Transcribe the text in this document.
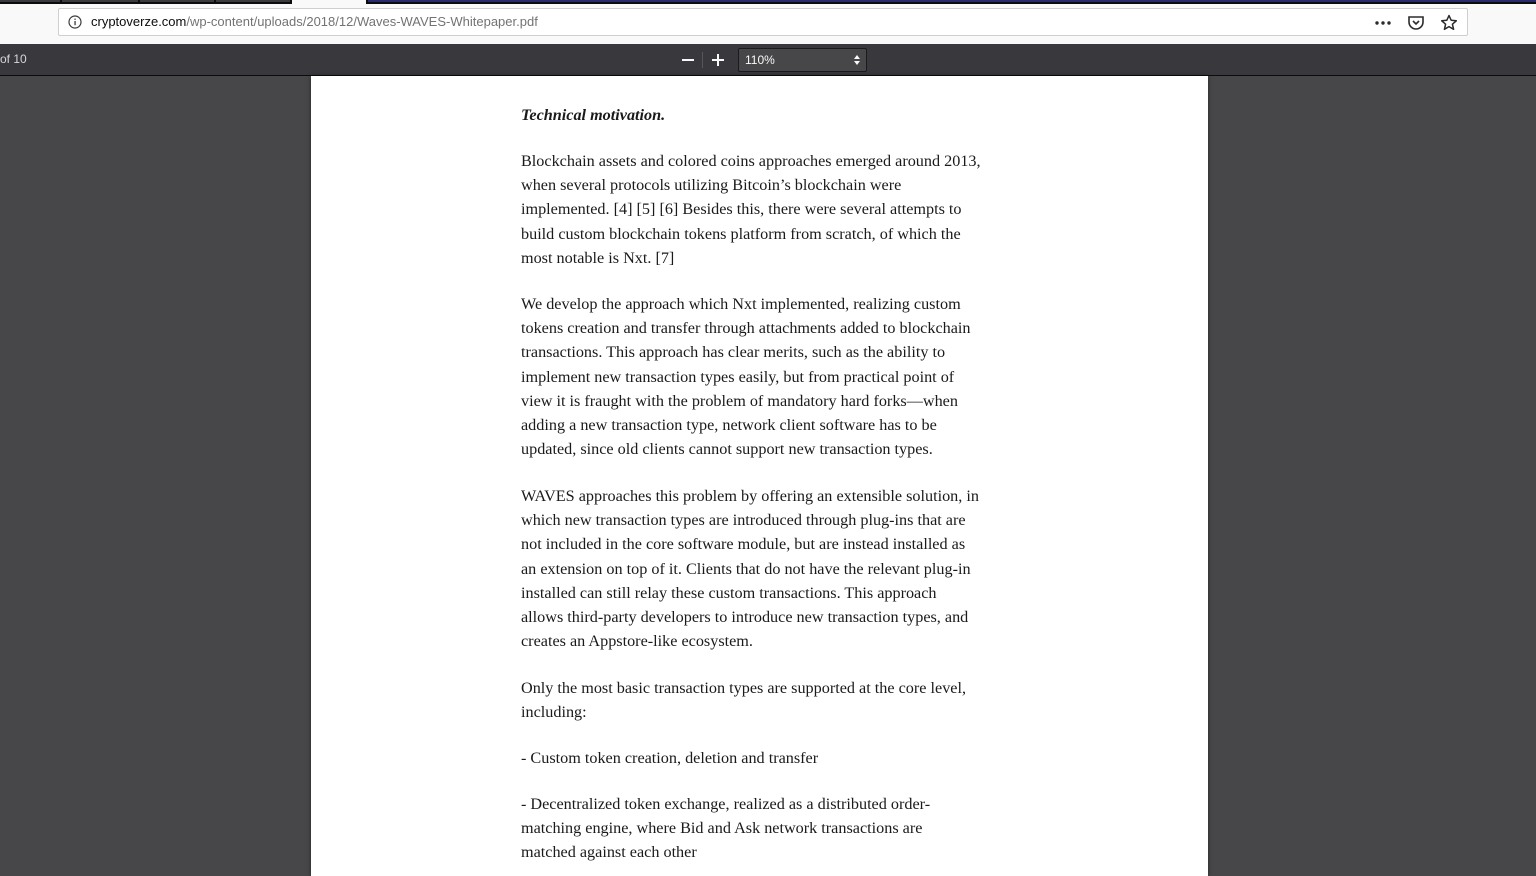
cryptoverze.com/wp-content/uploads/2018/12/Waves-WAVES-Whitepaper.pdf

of 10	110%
Technical motivation.

Blockchain assets and colored coins approaches emerged around 2013,
when several protocols utilizing Bitcoin’s blockchain were
implemented. [4] [5] [6] Besides this, there were several attempts to
build custom blockchain tokens platform from scratch, of which the
most notable is Nxt. [7]

We develop the approach which Nxt implemented, realizing custom
tokens creation and transfer through attachments added to blockchain
transactions. This approach has clear merits, such as the ability to
implement new transaction types easily, but from practical point of
view it is fraught with the problem of mandatory hard forks—when
adding a new transaction type, network client software has to be
updated, since old clients cannot support new transaction types.

WAVES approaches this problem by offering an extensible solution, in
which new transaction types are introduced through plug-ins that are
not included in the core software module, but are instead installed as
an extension on top of it. Clients that do not have the relevant plug-in
installed can still relay these custom transactions. This approach
allows third-party developers to introduce new transaction types, and
creates an Appstore-like ecosystem.

Only the most basic transaction types are supported at the core level,
including:

- Custom token creation, deletion and transfer

- Decentralized token exchange, realized as a distributed order-
matching engine, where Bid and Ask network transactions are
matched against each other
